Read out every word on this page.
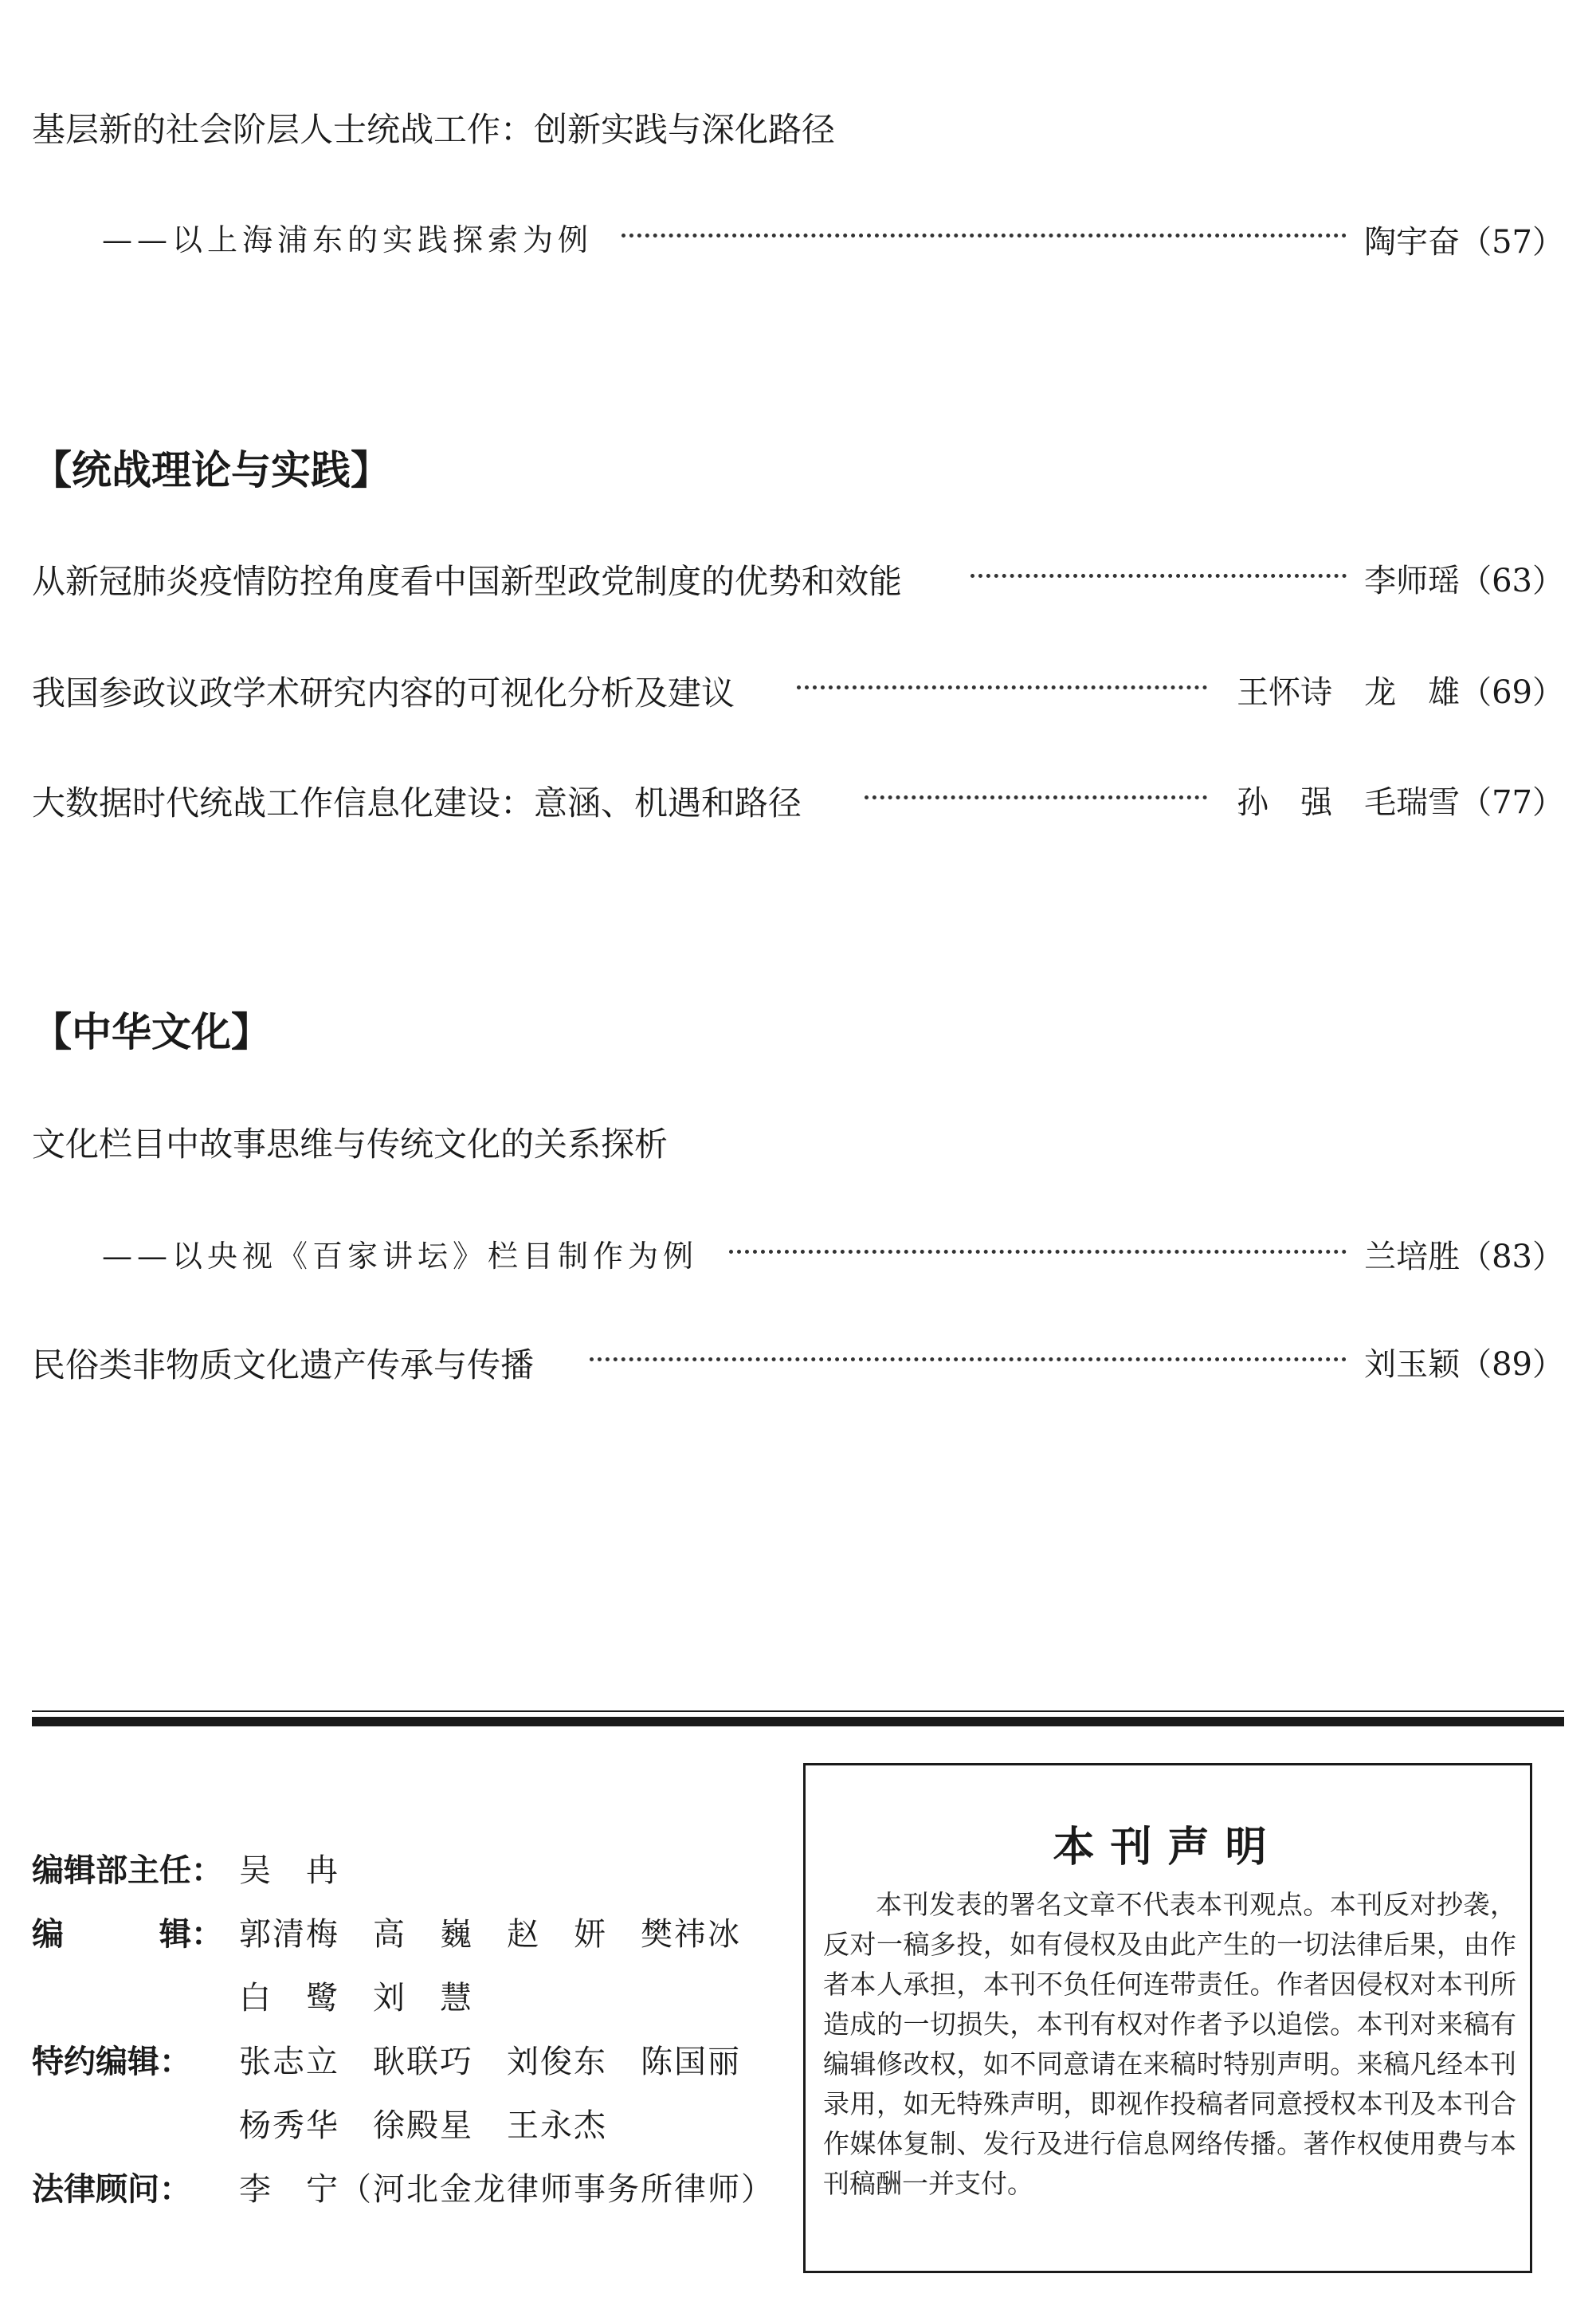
基层新的社会阶层人士统战工作：创新实践与深化路径
——以上海浦东的实践探索为例	陶宇奋（57）
【统战理论与实践】
从新冠肺炎疫情防控角度看中国新型政党制度的优势和效能	李师瑶（63）
我国参政议政学术研究内容的可视化分析及建议	王怀诗　龙　雄（69）
大数据时代统战工作信息化建设：意涵、机遇和路径	孙　强　毛瑞雪（77）
【中华文化】
文化栏目中故事思维与传统文化的关系探析
——以央视《百家讲坛》栏目制作为例	兰培胜（83）
民俗类非物质文化遗产传承与传播	刘玉颖（89）
编辑部主任： 吴　冉
编　　　辑： 郭清梅　高　巍　赵　妍　樊祎冰
白　鹭　刘　慧
特约编辑：	张志立　耿联巧　刘俊东　陈国丽
杨秀华　徐殿星　王永杰
法律顾问：	李　宁（河北金龙律师事务所律师）
本刊声明
本刊发表的署名文章不代表本刊观点。本刊反对抄袭，反对一稿多投，如有侵权及由此产生的一切法律后果，由作者本人承担，本刊不负任何连带责任。作者因侵权对本刊所造成的一切损失，本刊有权对作者予以追偿。本刊对来稿有编辑修改权，如不同意请在来稿时特别声明。来稿凡经本刊录用，如无特殊声明，即视作投稿者同意授权本刊及本刊合作媒体复制、发行及进行信息网络传播。著作权使用费与本刊稿酬一并支付。
